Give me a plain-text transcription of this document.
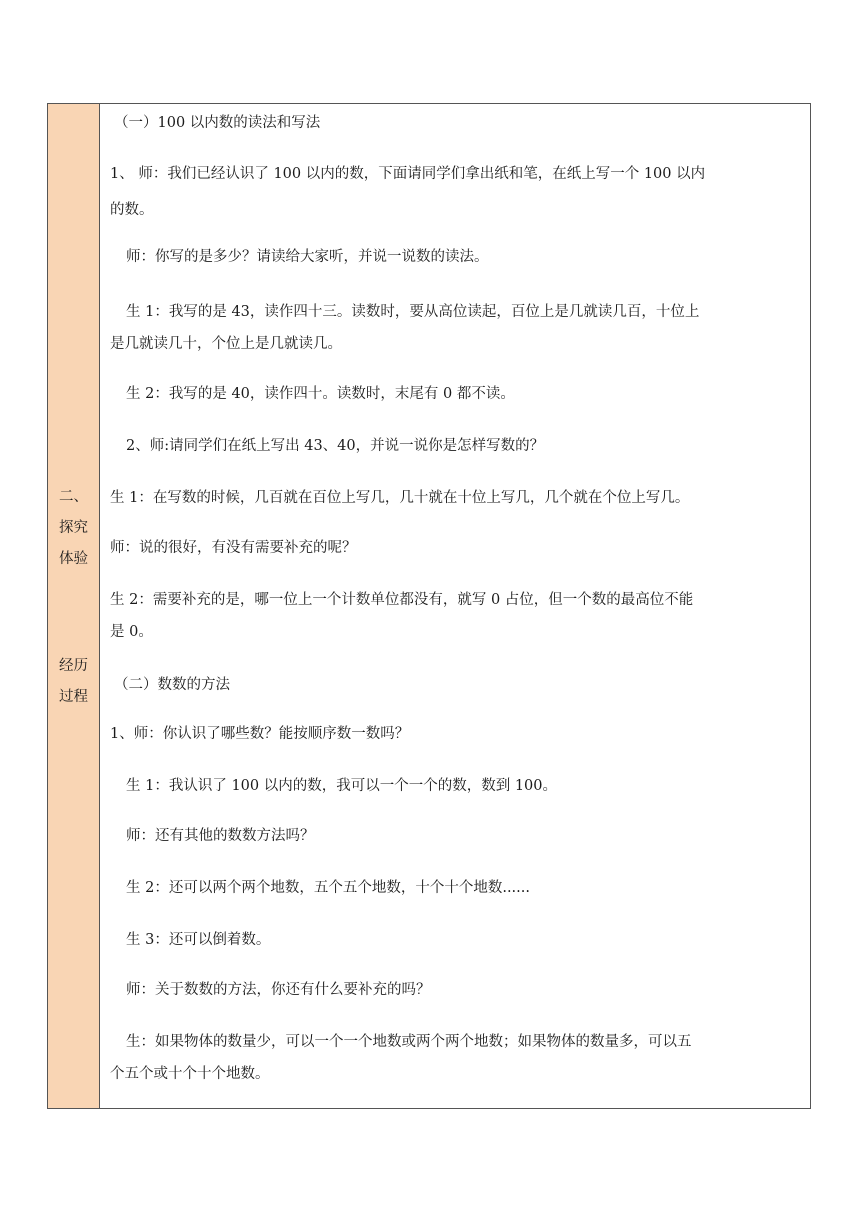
二、
探究
体验
经历
过程
（一）100 以内数的读法和写法
1、 师：我们已经认识了 100 以内的数，下面请同学们拿出纸和笔，在纸上写一个 100 以内
的数。
师：你写的是多少？请读给大家听，并说一说数的读法。
生 1：我写的是 43，读作四十三。读数时，要从高位读起，百位上是几就读几百，十位上
是几就读几十，个位上是几就读几。
生 2：我写的是 40，读作四十。读数时，末尾有 0 都不读。
2、师:请同学们在纸上写出 43、40，并说一说你是怎样写数的？
生 1：在写数的时候，几百就在百位上写几，几十就在十位上写几，几个就在个位上写几。
师：说的很好，有没有需要补充的呢？
生 2：需要补充的是，哪一位上一个计数单位都没有，就写 0 占位，但一个数的最高位不能
是 0。
（二）数数的方法
1、师：你认识了哪些数？能按顺序数一数吗？
生 1：我认识了 100 以内的数，我可以一个一个的数，数到 100。
师：还有其他的数数方法吗？
生 2：还可以两个两个地数，五个五个地数，十个十个地数......
生 3：还可以倒着数。
师：关于数数的方法，你还有什么要补充的吗？
生：如果物体的数量少，可以一个一个地数或两个两个地数；如果物体的数量多，可以五
个五个或十个十个地数。
